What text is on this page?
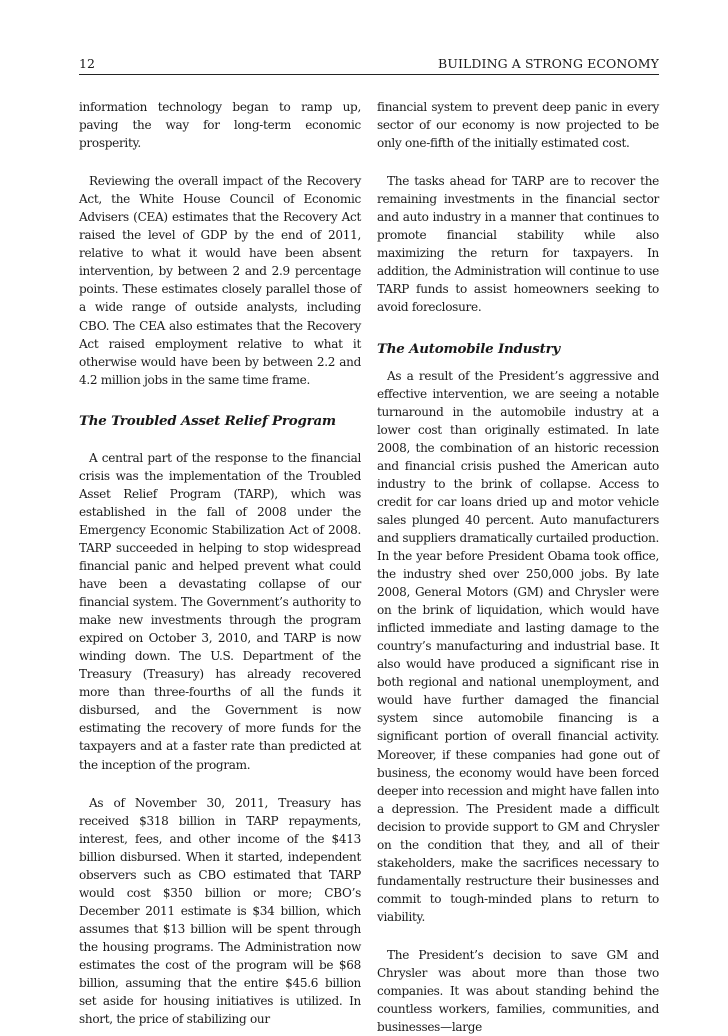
12	BUILDING A STRONG ECONOMY

information technology began to ramp up, paving the way for long-term economic prosperity.

Reviewing the overall impact of the Recovery Act, the White House Council of Economic Advisers (CEA) estimates that the Recovery Act raised the level of GDP by the end of 2011, relative to what it would have been absent intervention, by between 2 and 2.9 percentage points. These estimates closely parallel those of a wide range of outside analysts, including CBO. The CEA also estimates that the Recovery Act raised employment relative to what it otherwise would have been by between 2.2 and 4.2 million jobs in the same time frame.

The Troubled Asset Relief Program

A central part of the response to the financial crisis was the implementation of the Troubled Asset Relief Program (TARP), which was established in the fall of 2008 under the Emergency Economic Stabilization Act of 2008. TARP succeeded in helping to stop widespread financial panic and helped prevent what could have been a devastating collapse of our financial system. The Government’s authority to make new investments through the program expired on October 3, 2010, and TARP is now winding down. The U.S. Department of the Treasury (Treasury) has already recovered more than three-fourths of all the funds it disbursed, and the Government is now estimating the recovery of more funds for the taxpayers and at a faster rate than predicted at the inception of the program.

As of November 30, 2011, Treasury has received $318 billion in TARP repayments, interest, fees, and other income of the $413 billion disbursed. When it started, independent observers such as CBO estimated that TARP would cost $350 billion or more; CBO’s December 2011 estimate is $34 billion, which assumes that $13 billion will be spent through the housing programs. The Administration now estimates the cost of the program will be $68 billion, assuming that the entire $45.6 billion set aside for housing initiatives is utilized. In short, the price of stabilizing our

financial system to prevent deep panic in every sector of our economy is now projected to be only one-fifth of the initially estimated cost.

The tasks ahead for TARP are to recover the remaining investments in the financial sector and auto industry in a manner that continues to promote financial stability while also maximizing the return for taxpayers. In addition, the Administration will continue to use TARP funds to assist homeowners seeking to avoid foreclosure.

The Automobile Industry

As a result of the President’s aggressive and effective intervention, we are seeing a notable turnaround in the automobile industry at a lower cost than originally estimated. In late 2008, the combination of an historic recession and financial crisis pushed the American auto industry to the brink of collapse. Access to credit for car loans dried up and motor vehicle sales plunged 40 percent. Auto manufacturers and suppliers dramatically curtailed production. In the year before President Obama took office, the industry shed over 250,000 jobs. By late 2008, General Motors (GM) and Chrysler were on the brink of liquidation, which would have inflicted immediate and lasting damage to the country’s manufacturing and industrial base. It also would have produced a significant rise in both regional and national unemployment, and would have further damaged the financial system since automobile financing is a significant portion of overall financial activity. Moreover, if these companies had gone out of business, the economy would have been forced deeper into recession and might have fallen into a depression. The President made a difficult decision to provide support to GM and Chrysler on the condition that they, and all of their stakeholders, make the sacrifices necessary to fundamentally restructure their businesses and commit to tough-minded plans to return to viability.

The President’s decision to save GM and Chrysler was about more than those two companies. It was about standing behind the countless workers, families, communities, and businesses—large
